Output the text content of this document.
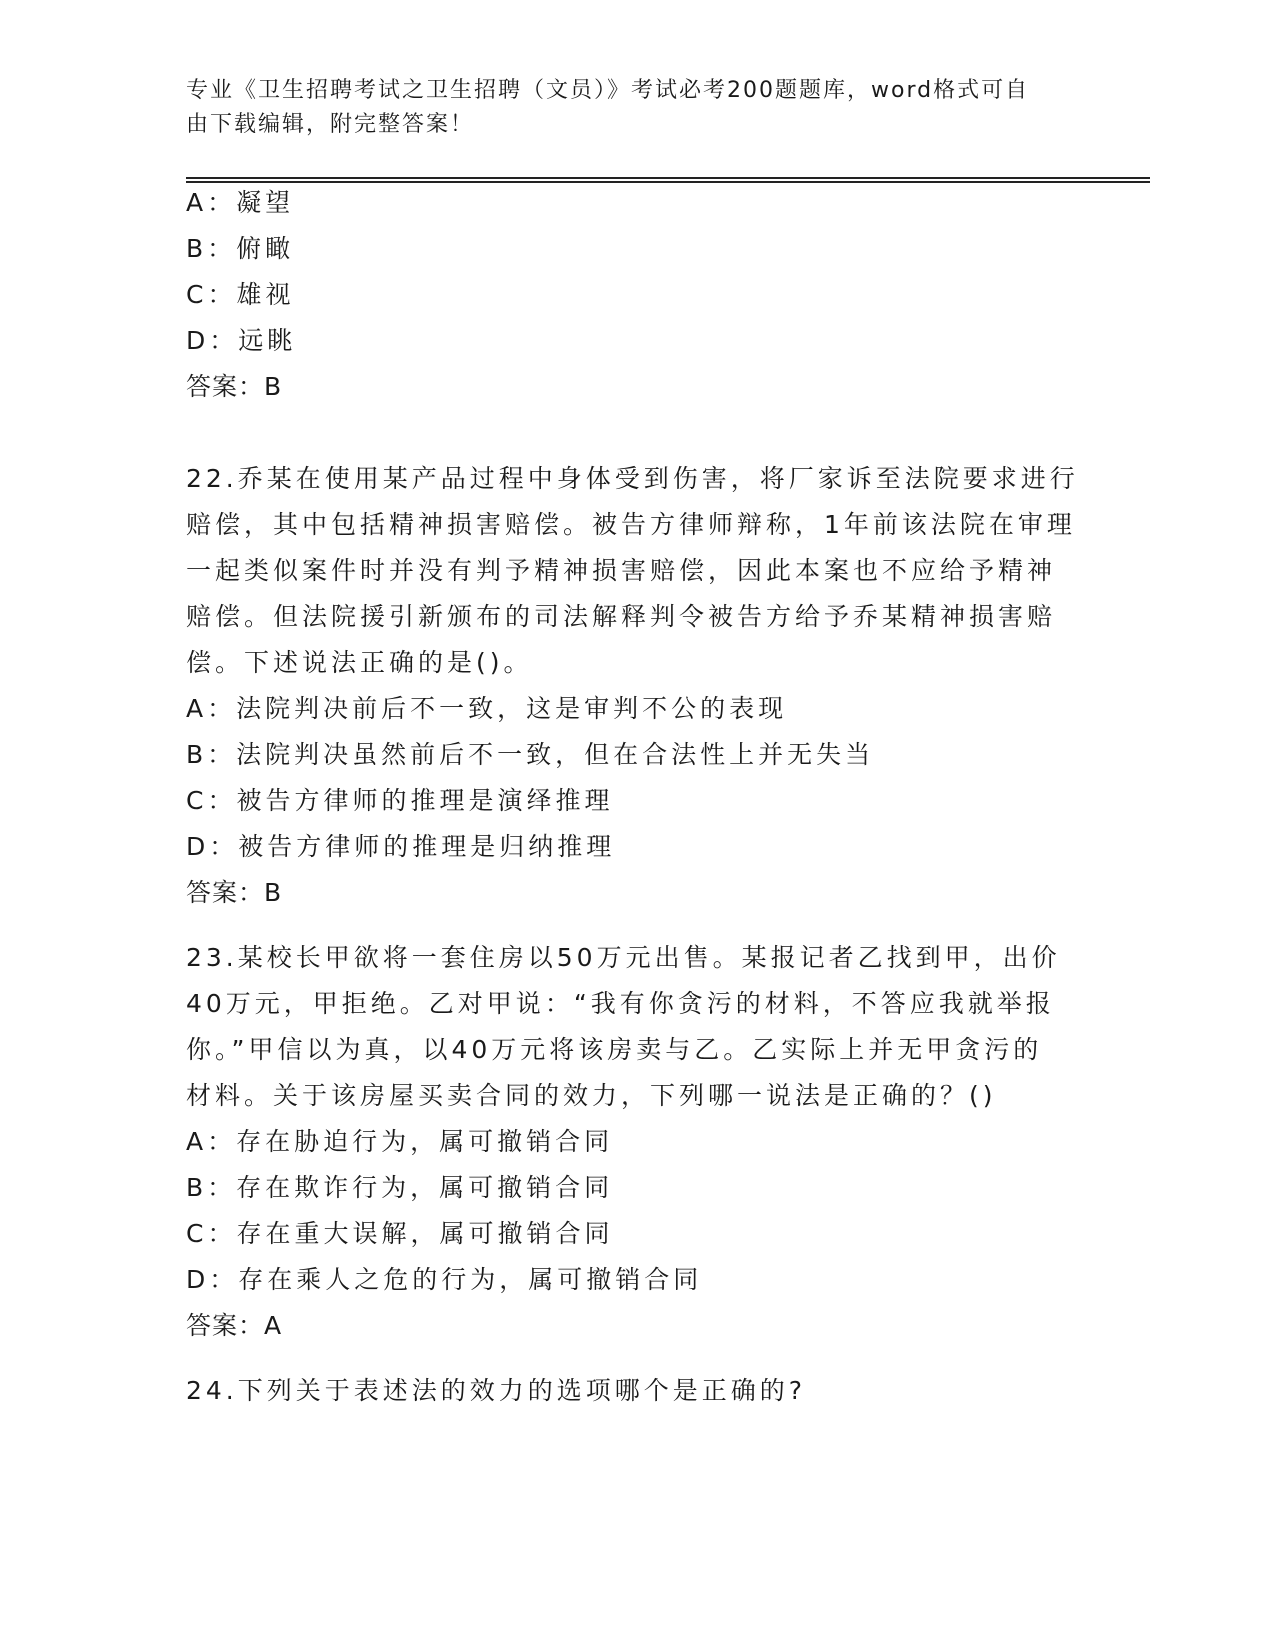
专业《卫生招聘考试之卫生招聘（文员）》考试必考200题题库，word格式可自
由下载编辑，附完整答案！
A：凝望
B：俯瞰
C：雄视
D：远眺
答案：B
22.乔某在使用某产品过程中身体受到伤害，将厂家诉至法院要求进行
赔偿，其中包括精神损害赔偿。被告方律师辩称，1年前该法院在审理
一起类似案件时并没有判予精神损害赔偿，因此本案也不应给予精神
赔偿。但法院援引新颁布的司法解释判令被告方给予乔某精神损害赔
偿。下述说法正确的是()。
A：法院判决前后不一致，这是审判不公的表现
B：法院判决虽然前后不一致，但在合法性上并无失当
C：被告方律师的推理是演绎推理
D：被告方律师的推理是归纳推理
答案：B
23.某校长甲欲将一套住房以50万元出售。某报记者乙找到甲，出价
40万元，甲拒绝。乙对甲说：“我有你贪污的材料，不答应我就举报
你。”甲信以为真，以40万元将该房卖与乙。乙实际上并无甲贪污的
材料。关于该房屋买卖合同的效力，下列哪一说法是正确的？()
A：存在胁迫行为，属可撤销合同
B：存在欺诈行为，属可撤销合同
C：存在重大误解，属可撤销合同
D：存在乘人之危的行为，属可撤销合同
答案：A
24.下列关于表述法的效力的选项哪个是正确的?
